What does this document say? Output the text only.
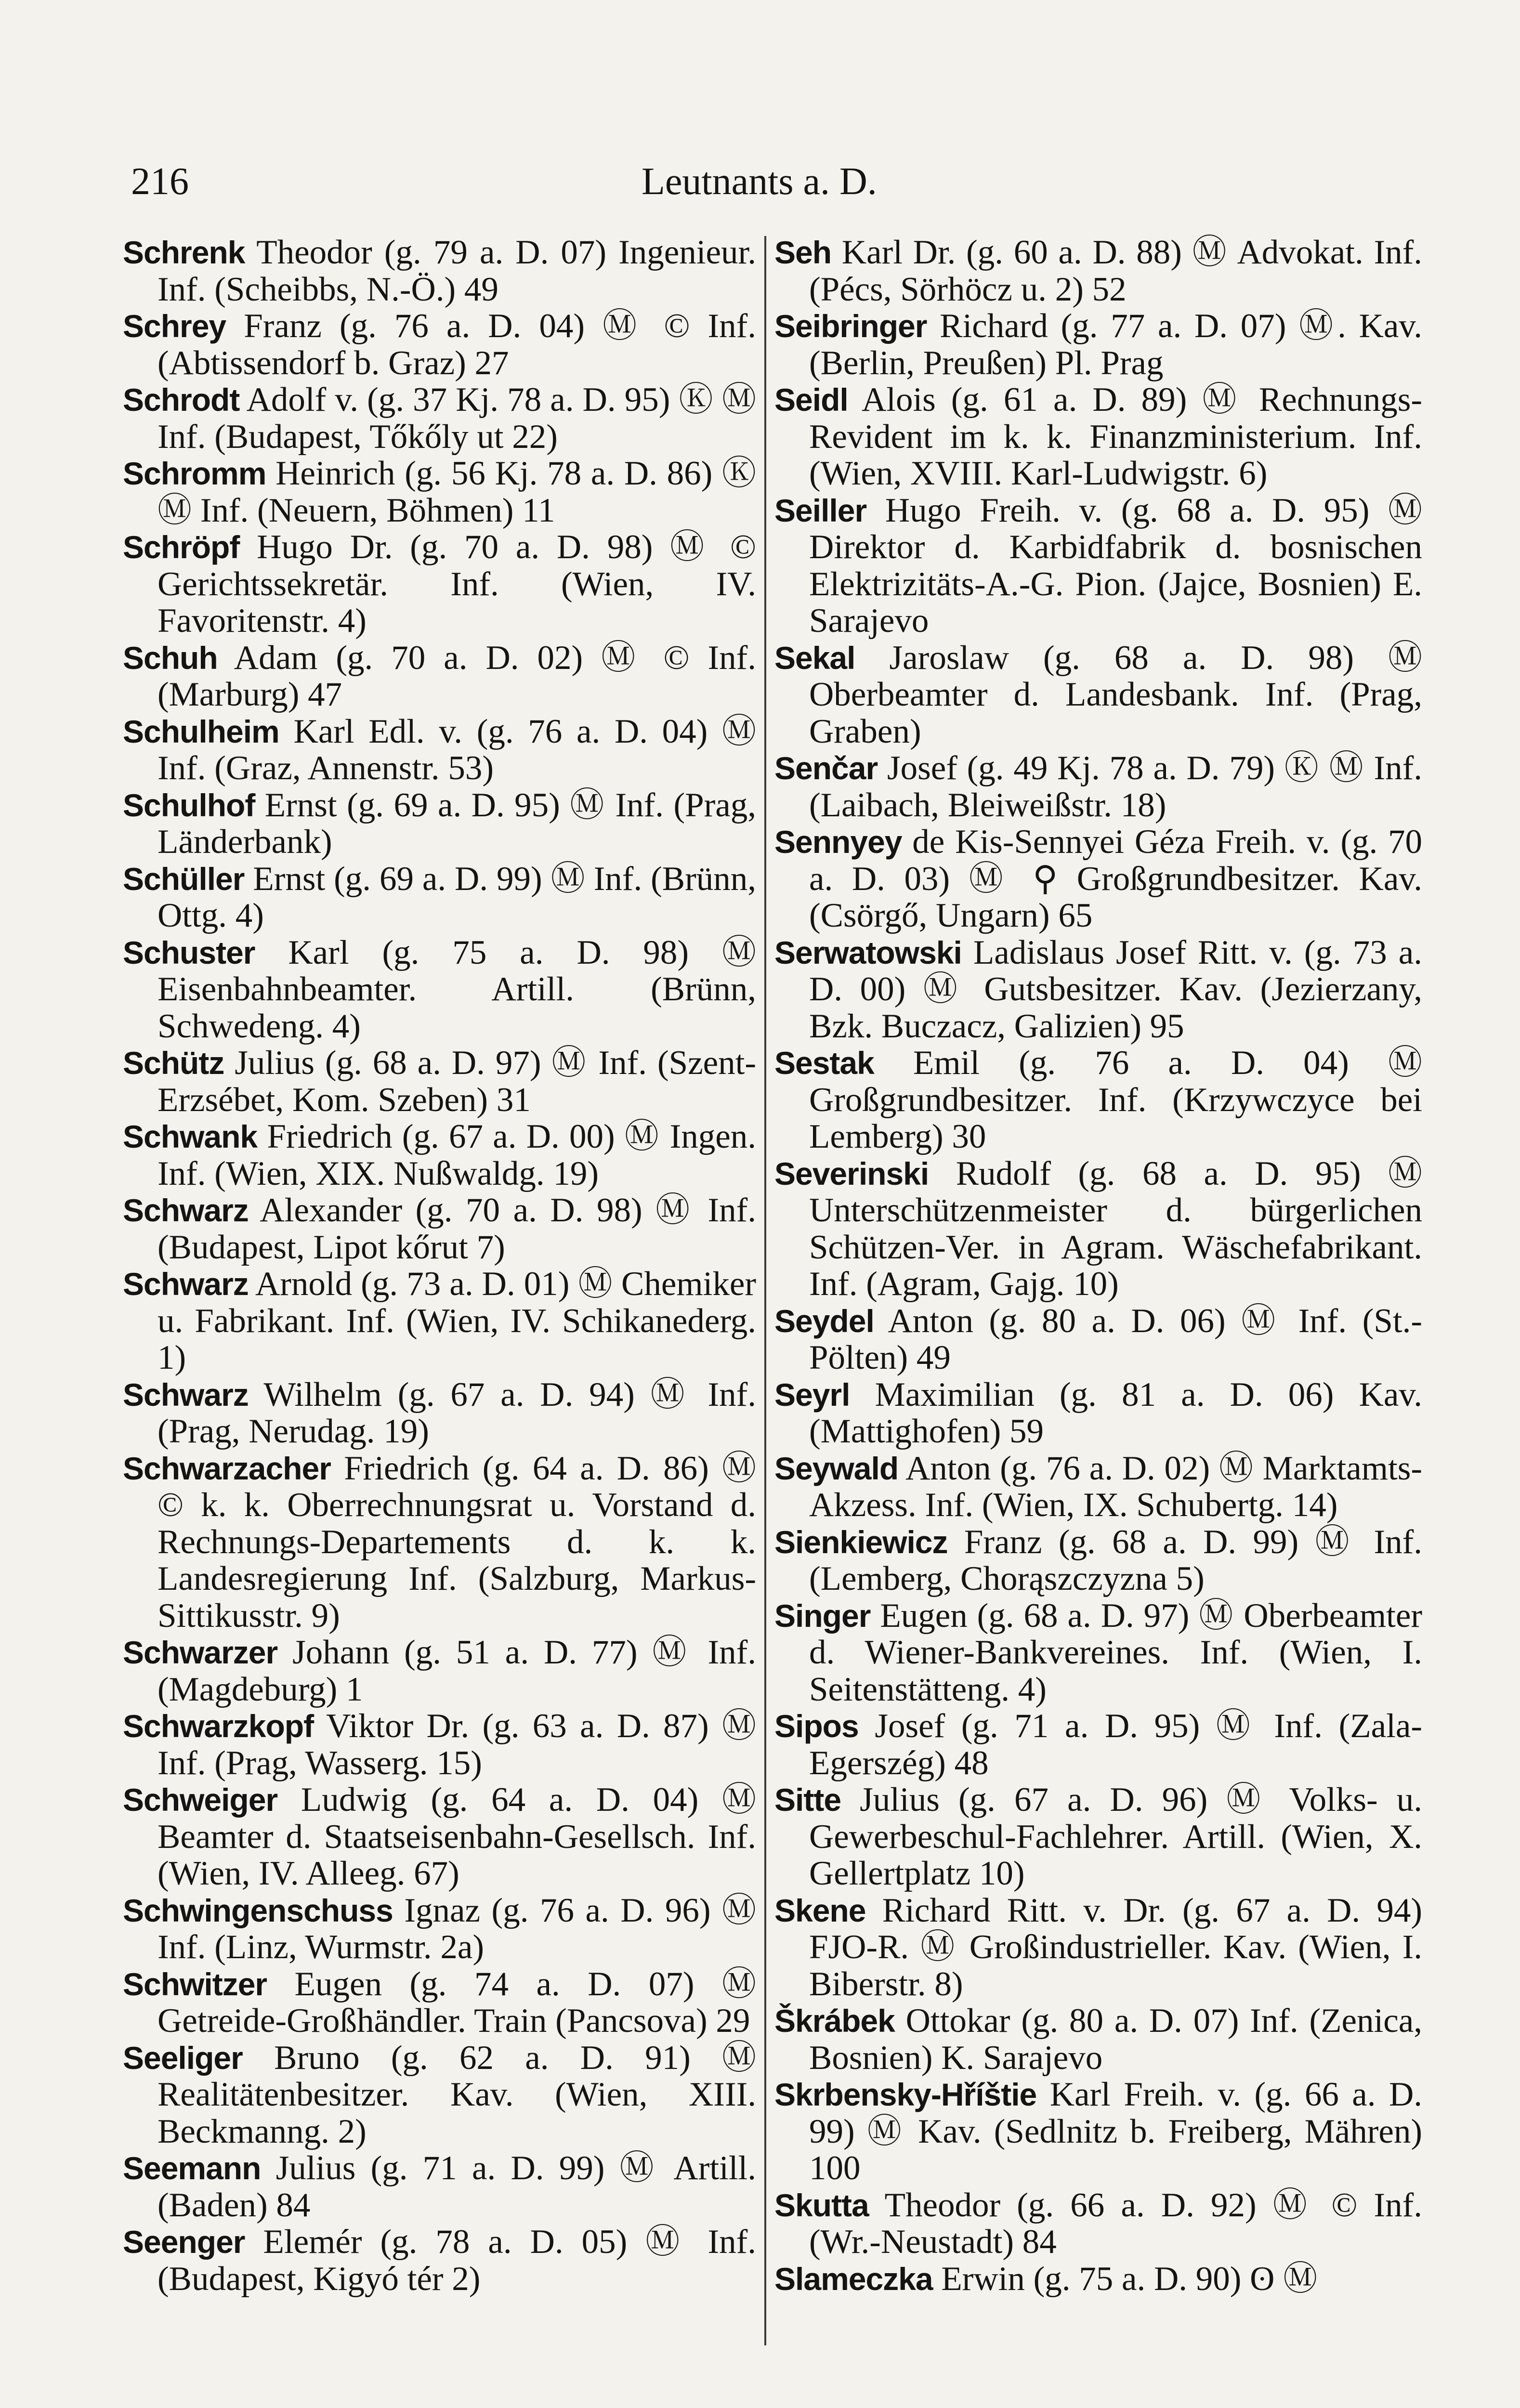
216	Leutnants a. D.

Schrenk Theodor (g. 79 a. D. 07) Ingenieur. Inf. (Scheibbs, N.-Ö.) 49

Schrey Franz (g. 76 a. D. 04) Ⓜ © Inf. (Abtissendorf b. Graz) 27

Schrodt Adolf v. (g. 37 Kj. 78 a. D. 95) Ⓚ Ⓜ Inf. (Budapest, Tőkőly ut 22)

Schromm Heinrich (g. 56 Kj. 78 a. D. 86) Ⓚ Ⓜ Inf. (Neuern, Böhmen) 11

Schröpf Hugo Dr. (g. 70 a. D. 98) Ⓜ © Gerichtssekretär. Inf. (Wien, IV. Favoritenstr. 4)

Schuh Adam (g. 70 a. D. 02) Ⓜ © Inf. (Marburg) 47

Schulheim Karl Edl. v. (g. 76 a. D. 04) Ⓜ Inf. (Graz, Annenstr. 53)

Schulhof Ernst (g. 69 a. D. 95) Ⓜ Inf. (Prag, Länderbank)

Schüller Ernst (g. 69 a. D. 99) Ⓜ Inf. (Brünn, Ottg. 4)

Schuster Karl (g. 75 a. D. 98) Ⓜ Eisenbahnbeamter. Artill. (Brünn, Schwedeng. 4)

Schütz Julius (g. 68 a. D. 97) Ⓜ Inf. (Szent-Erzsébet, Kom. Szeben) 31

Schwank Friedrich (g. 67 a. D. 00) Ⓜ Ingen. Inf. (Wien, XIX. Nußwaldg. 19)

Schwarz Alexander (g. 70 a. D. 98) Ⓜ Inf. (Budapest, Lipot kőrut 7)

Schwarz Arnold (g. 73 a. D. 01) Ⓜ Chemiker u. Fabrikant. Inf. (Wien, IV. Schikanederg. 1)

Schwarz Wilhelm (g. 67 a. D. 94) Ⓜ Inf. (Prag, Nerudag. 19)

Schwarzacher Friedrich (g. 64 a. D. 86) Ⓜ © k. k. Oberrechnungsrat u. Vorstand d. Rechnungs-Departements d. k. k. Landesregierung Inf. (Salzburg, Markus-Sittikusstr. 9)

Schwarzer Johann (g. 51 a. D. 77) Ⓜ Inf. (Magdeburg) 1

Schwarzkopf Viktor Dr. (g. 63 a. D. 87) Ⓜ Inf. (Prag, Wasserg. 15)

Schweiger Ludwig (g. 64 a. D. 04) Ⓜ Beamter d. Staatseisenbahn-Gesellsch. Inf. (Wien, IV. Alleeg. 67)

Schwingenschuss Ignaz (g. 76 a. D. 96) Ⓜ Inf. (Linz, Wurmstr. 2a)

Schwitzer Eugen (g. 74 a. D. 07) Ⓜ Getreide-Großhändler. Train (Pancsova) 29

Seeliger Bruno (g. 62 a. D. 91) Ⓜ Realitätenbesitzer. Kav. (Wien, XIII. Beckmanng. 2)

Seemann Julius (g. 71 a. D. 99) Ⓜ Artill. (Baden) 84

Seenger Elemér (g. 78 a. D. 05) Ⓜ Inf. (Budapest, Kigyó tér 2)

Seh Karl Dr. (g. 60 a. D. 88) Ⓜ Advokat. Inf. (Pécs, Sörhöcz u. 2) 52

Seibringer Richard (g. 77 a. D. 07) Ⓜ. Kav. (Berlin, Preußen) Pl. Prag

Seidl Alois (g. 61 a. D. 89) Ⓜ Rechnungs-Revident im k. k. Finanzministerium. Inf. (Wien, XVIII. Karl-Ludwigstr. 6)

Seiller Hugo Freih. v. (g. 68 a. D. 95) Ⓜ Direktor d. Karbidfabrik d. bosnischen Elektrizitäts-A.-G. Pion. (Jajce, Bosnien) E. Sarajevo

Sekal Jaroslaw (g. 68 a. D. 98) Ⓜ Oberbeamter d. Landesbank. Inf. (Prag, Graben)

Senčar Josef (g. 49 Kj. 78 a. D. 79) Ⓚ Ⓜ Inf. (Laibach, Bleiweißstr. 18)

Sennyey de Kis-Sennyei Géza Freih. v. (g. 70 a. D. 03) Ⓜ ⚲ Großgrundbesitzer. Kav. (Csörgő, Ungarn) 65

Serwatowski Ladislaus Josef Ritt. v. (g. 73 a. D. 00) Ⓜ Gutsbesitzer. Kav. (Jezierzany, Bzk. Buczacz, Galizien) 95

Sestak Emil (g. 76 a. D. 04) Ⓜ Großgrundbesitzer. Inf. (Krzywczyce bei Lemberg) 30

Severinski Rudolf (g. 68 a. D. 95) Ⓜ Unterschützenmeister d. bürgerlichen Schützen-Ver. in Agram. Wäschefabrikant. Inf. (Agram, Gajg. 10)

Seydel Anton (g. 80 a. D. 06) Ⓜ Inf. (St.-Pölten) 49

Seyrl Maximilian (g. 81 a. D. 06) Kav. (Mattighofen) 59

Seywald Anton (g. 76 a. D. 02) Ⓜ Marktamts-Akzess. Inf. (Wien, IX. Schubertg. 14)

Sienkiewicz Franz (g. 68 a. D. 99) Ⓜ Inf. (Lemberg, Chorąszczyzna 5)

Singer Eugen (g. 68 a. D. 97) Ⓜ Oberbeamter d. Wiener-Bankvereines. Inf. (Wien, I. Seitenstätteng. 4)

Sipos Josef (g. 71 a. D. 95) Ⓜ Inf. (Zala-Egerszég) 48

Sitte Julius (g. 67 a. D. 96) Ⓜ Volks- u. Gewerbeschul-Fachlehrer. Artill. (Wien, X. Gellertplatz 10)

Skene Richard Ritt. v. Dr. (g. 67 a. D. 94) FJO-R. Ⓜ Großindustrieller. Kav. (Wien, I. Biberstr. 8)

Škrábek Ottokar (g. 80 a. D. 07) Inf. (Zenica, Bosnien) K. Sarajevo

Skrbensky-Hříštie Karl Freih. v. (g. 66 a. D. 99) Ⓜ Kav. (Sedlnitz b. Freiberg, Mähren) 100

Skutta Theodor (g. 66 a. D. 92) Ⓜ © Inf. (Wr.-Neustadt) 84

Slameczka Erwin (g. 75 a. D. 90) ʘ Ⓜ
